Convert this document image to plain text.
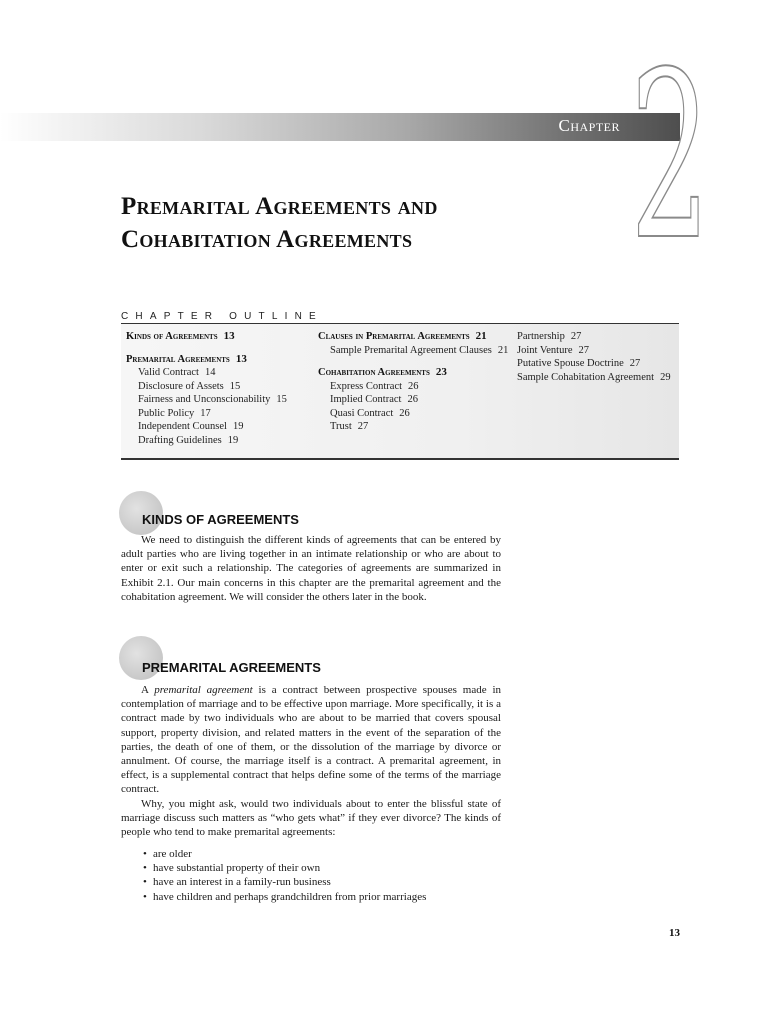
Chapter 2
Premarital Agreements and
Cohabitation Agreements
CHAPTER OUTLINE
Kinds of Agreements 13
Premarital Agreements 13
Valid Contract 14
Disclosure of Assets 15
Fairness and Unconscionability 15
Public Policy 17
Independent Counsel 19
Drafting Guidelines 19
Clauses in Premarital Agreements 21
Sample Premarital Agreement Clauses 21
Cohabitation Agreements 23
Express Contract 26
Implied Contract 26
Quasi Contract 26
Trust 27
Partnership 27
Joint Venture 27
Putative Spouse Doctrine 27
Sample Cohabitation Agreement 29
KINDS OF AGREEMENTS

We need to distinguish the different kinds of agreements that can be entered by adult parties who are living together in an intimate relationship or who are about to enter or exit such a relationship. The categories of agreements are summarized in Exhibit 2.1. Our main concerns in this chapter are the premarital agreement and the cohabitation agreement. We will consider the others later in the book.

PREMARITAL AGREEMENTS

A premarital agreement is a contract between prospective spouses made in contemplation of marriage and to be effective upon marriage. More specifically, it is a contract made by two individuals who are about to be married that covers spousal support, property division, and related matters in the event of the separation of the parties, the death of one of them, or the dissolution of the marriage by divorce or annulment. Of course, the marriage itself is a contract. A premarital agreement, in effect, is a supplemental contract that helps define some of the terms of the marriage contract.

Why, you might ask, would two individuals about to enter the blissful state of marriage discuss such matters as “who gets what” if they ever divorce? The kinds of people who tend to make premarital agreements:

• are older
• have substantial property of their own
• have an interest in a family-run business
• have children and perhaps grandchildren from prior marriages
13
